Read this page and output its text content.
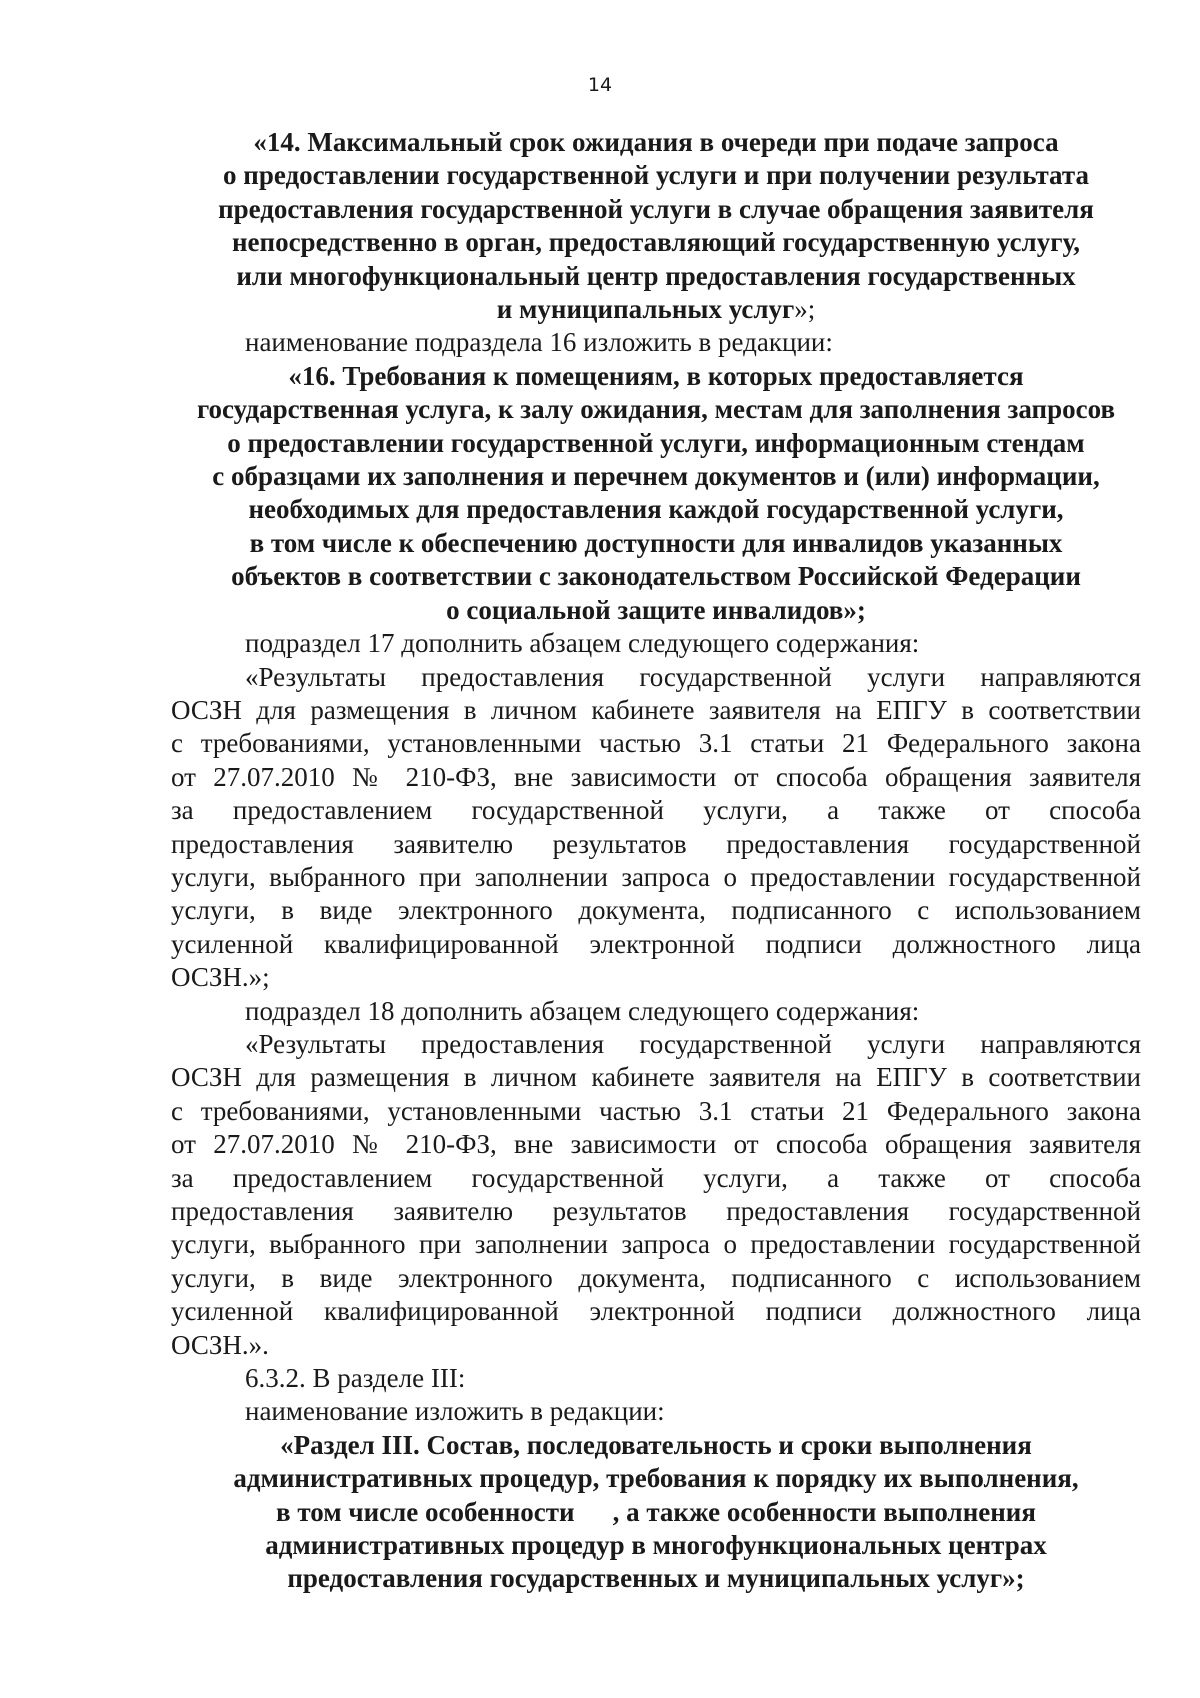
14
«14. Максимальный срок ожидания в очереди при подаче запроса
о предоставлении государственной услуги и при получении результата
предоставления государственной услуги в случае обращения заявителя
непосредственно в орган, предоставляющий государственную услугу,
или многофункциональный центр предоставления государственных
и муниципальных услуг»;
наименование подраздела 16 изложить в редакции:
«16. Требования к помещениям, в которых предоставляется
государственная услуга, к залу ожидания, местам для заполнения запросов
о предоставлении государственной услуги, информационным стендам
с образцами их заполнения и перечнем документов и (или) информации,
необходимых для предоставления каждой государственной услуги,
в том числе к обеспечению доступности для инвалидов указанных
объектов в соответствии с законодательством Российской Федерации
о социальной защите инвалидов»;
подраздел 17 дополнить абзацем следующего содержания:
«Результаты предоставления государственной услуги направляются
ОСЗН для размещения в личном кабинете заявителя на ЕПГУ в соответствии
с требованиями, установленными частью 3.1 статьи 21 Федерального закона
от 27.07.2010 № 210-ФЗ, вне зависимости от способа обращения заявителя
за предоставлением государственной услуги, а также от способа
предоставления заявителю результатов предоставления государственной
услуги, выбранного при заполнении запроса о предоставлении государственной
услуги, в виде электронного документа, подписанного с использованием
усиленной квалифицированной электронной подписи должностного лица
ОСЗН.»;
подраздел 18 дополнить абзацем следующего содержания:
«Результаты предоставления государственной услуги направляются
ОСЗН для размещения в личном кабинете заявителя на ЕПГУ в соответствии
с требованиями, установленными частью 3.1 статьи 21 Федерального закона
от 27.07.2010 № 210-ФЗ, вне зависимости от способа обращения заявителя
за предоставлением государственной услуги, а также от способа
предоставления заявителю результатов предоставления государственной
услуги, выбранного при заполнении запроса о предоставлении государственной
услуги, в виде электронного документа, подписанного с использованием
усиленной квалифицированной электронной подписи должностного лица
ОСЗН.».
6.3.2. В разделе III:
наименование изложить в редакции:
«Раздел III. Состав, последовательность и сроки выполнения
административных процедур, требования к порядку их выполнения,
в том числе особенности , а также особенности выполнения
административных процедур в многофункциональных центрах
предоставления государственных и муниципальных услуг»;
